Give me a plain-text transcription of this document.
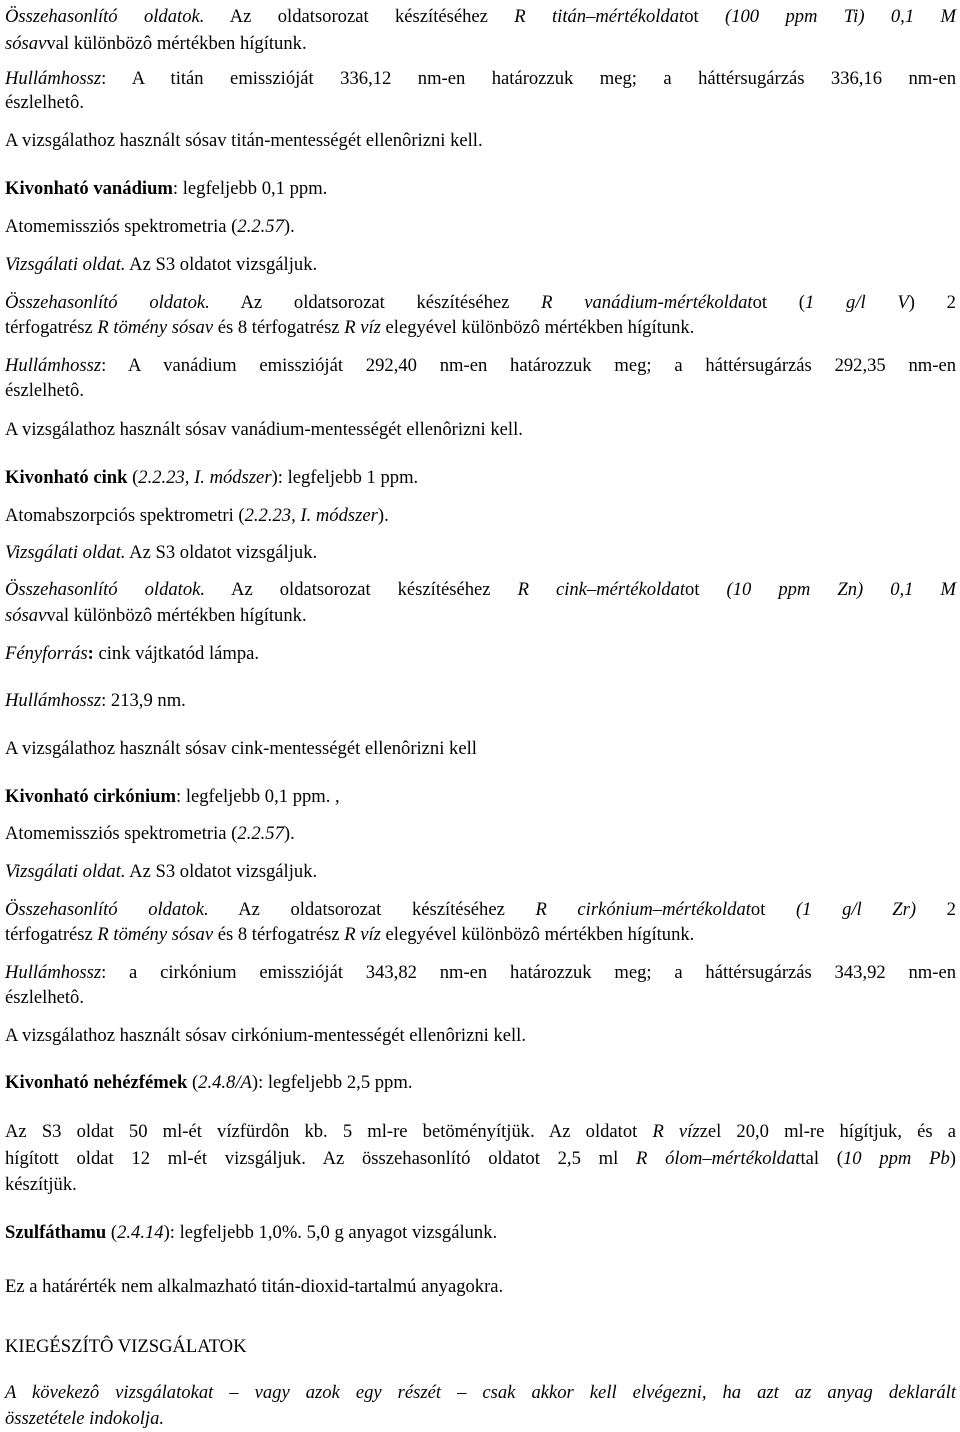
Összehasonlító oldatok. Az oldatsorozat készítéséhez R titán–mértékoldatot (100 ppm Ti) 0,1 M
sósavval különbözô mértékben hígítunk.
Hullámhossz: A titán emisszióját 336,12 nm-en határozzuk meg; a háttérsugárzás 336,16 nm-en
észlelhetô.
A vizsgálathoz használt sósav titán-mentességét ellenôrizni kell.
Kivonható vanádium: legfeljebb 0,1 ppm.
Atomemissziós spektrometria (2.2.57).
Vizsgálati oldat. Az S3 oldatot vizsgáljuk.
Összehasonlító oldatok. Az oldatsorozat készítéséhez R vanádium-mértékoldatot (1 g/l V) 2
térfogatrész R tömény sósav és 8 térfogatrész R víz elegyével különbözô mértékben hígítunk.
Hullámhossz: A vanádium emisszióját 292,40 nm-en határozzuk meg; a háttérsugárzás 292,35 nm-en
észlelhetô.
A vizsgálathoz használt sósav vanádium-mentességét ellenôrizni kell.
Kivonható cink (2.2.23, I. módszer): legfeljebb 1 ppm.
Atomabszorpciós spektrometri (2.2.23, I. módszer).
Vizsgálati oldat. Az S3 oldatot vizsgáljuk.
Összehasonlító oldatok. Az oldatsorozat készítéséhez R cink–mértékoldatot (10 ppm Zn) 0,1 M
sósavval különbözô mértékben hígítunk.
Fényforrás: cink vájtkatód lámpa.
Hullámhossz: 213,9 nm.
A vizsgálathoz használt sósav cink-mentességét ellenôrizni kell
Kivonható cirkónium: legfeljebb 0,1 ppm. ,
Atomemissziós spektrometria (2.2.57).
Vizsgálati oldat. Az S3 oldatot vizsgáljuk.
Összehasonlító oldatok. Az oldatsorozat készítéséhez R cirkónium–mértékoldatot (1 g/l Zr) 2
térfogatrész R tömény sósav és 8 térfogatrész R víz elegyével különbözô mértékben hígítunk.
Hullámhossz: a cirkónium emisszióját 343,82 nm-en határozzuk meg; a háttérsugárzás 343,92 nm-en
észlelhetô.
A vizsgálathoz használt sósav cirkónium-mentességét ellenôrizni kell.
Kivonható nehézfémek (2.4.8/A): legfeljebb 2,5 ppm.
Az S3 oldat 50 ml-ét vízfürdôn kb. 5 ml-re betöményítjük. Az oldatot R vízzel 20,0 ml-re hígítjuk, és a
hígított oldat 12 ml-ét vizsgáljuk. Az összehasonlító oldatot 2,5 ml R ólom–mértékoldattal (10 ppm Pb)
készítjük.
Szulfáthamu (2.4.14): legfeljebb 1,0%. 5,0 g anyagot vizsgálunk.
Ez a határérték nem alkalmazható titán-dioxid-tartalmú anyagokra.
KIEGÉSZÍTÔ VIZSGÁLATOK
A kövekezô vizsgálatokat – vagy azok egy részét – csak akkor kell elvégezni, ha azt az anyag deklarált
összetétele indokolja.
